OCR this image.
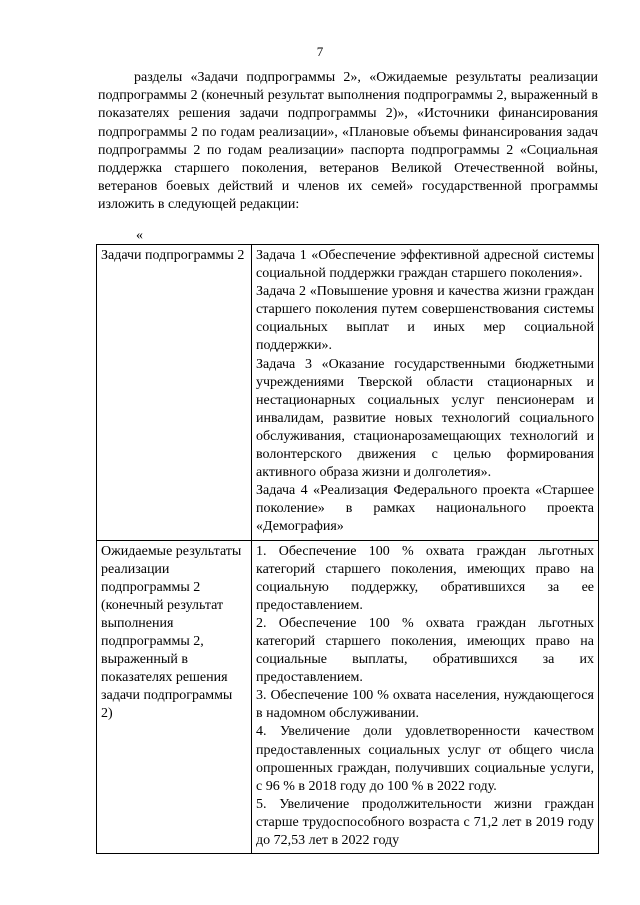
7

разделы «Задачи подпрограммы 2», «Ожидаемые результаты реализации подпрограммы 2 (конечный результат выполнения подпрограммы 2, выраженный в показателях решения задачи подпрограммы 2)», «Источники финансирования подпрограммы 2 по годам реализации», «Плановые объемы финансирования задач подпрограммы 2 по годам реализации» паспорта подпрограммы 2 «Социальная поддержка старшего поколения, ветеранов Великой Отечественной войны, ветеранов боевых действий и членов их семей» государственной программы изложить в следующей редакции:

«
Задачи подпрограммы 2	Задача 1 «Обеспечение эффективной адресной системы социальной поддержки граждан старшего поколения».

Задача 2 «Повышение уровня и качества жизни граждан старшего поколения путем совершенствования системы социальных выплат и иных мер социальной поддержки».

Задача 3 «Оказание государственными бюджетными учреждениями Тверской области стационарных и нестационарных социальных услуг пенсионерам и инвалидам, развитие новых технологий социального обслуживания, стационарозамещающих технологий и волонтерского движения с целью формирования активного образа жизни и долголетия».

Задача 4 «Реализация Федерального проекта «Старшее поколение» в рамках национального проекта «Демография»

Ожидаемые результаты реализации подпрограммы 2 (конечный результат выполнения подпрограммы 2, выраженный в показателях решения задачи подпрограммы 2)	1. Обеспечение 100 % охвата граждан льготных категорий старшего поколения, имеющих право на социальную поддержку, обратившихся за ее предоставлением.

2. Обеспечение 100 % охвата граждан льготных категорий старшего поколения, имеющих право на социальные выплаты, обратившихся за их предоставлением.

3. Обеспечение 100 % охвата населения, нуждающегося в надомном обслуживании.

4. Увеличение доли удовлетворенности качеством предоставленных социальных услуг от общего числа опрошенных граждан, получивших социальные услуги, с 96 % в 2018 году до 100 % в 2022 году.

5. Увеличение продолжительности жизни граждан старше трудоспособного возраста с 71,2 лет в 2019 году до 72,53 лет в 2022 году
